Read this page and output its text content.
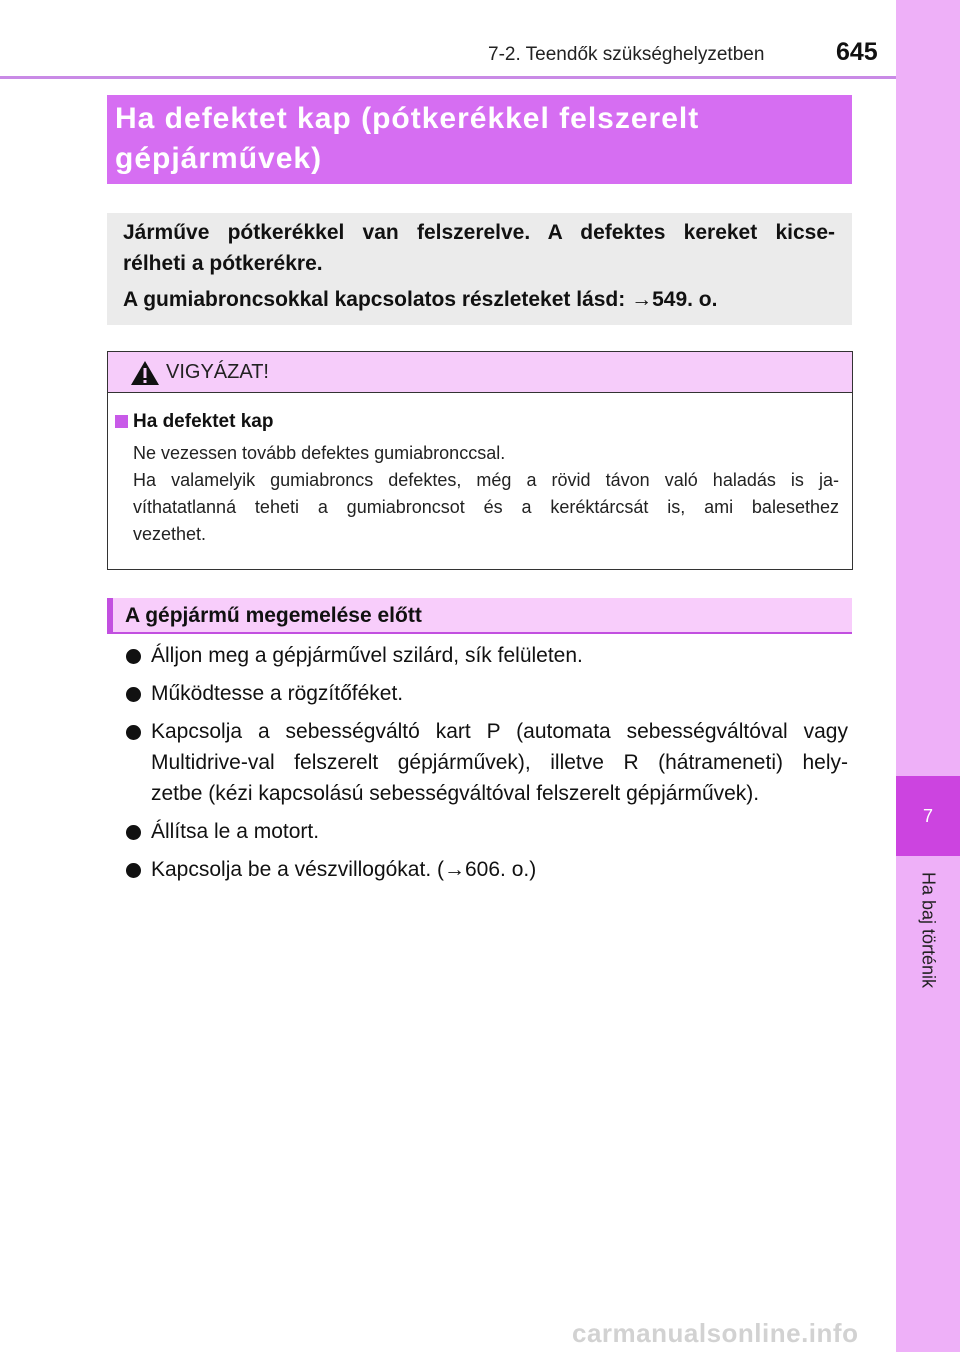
7-2. Teendők szükséghelyzetben	645
7
Ha baj történik
Ha defektet kap (pótkerékkel felszerelt gépjárművek)
Járműve pótkerékkel van felszerelve. A defektes kereket kicse-
rélheti a pótkerékre.
A gumiabroncsokkal kapcsolatos részleteket lásd: →549. o.
VIGYÁZAT!
Ha defektet kap
Ne vezessen tovább defektes gumiabronccsal.
Ha valamelyik gumiabroncs defektes, még a rövid távon való haladás is ja-
víthatatlanná teheti a gumiabroncsot és a keréktárcsát is, ami balesethez
vezethet.
A gépjármű megemelése előtt
Álljon meg a gépjárművel szilárd, sík felületen.
Működtesse a rögzítőféket.
Kapcsolja a sebességváltó kart P (automata sebességváltóval vagy
Multidrive-val felszerelt gépjárművek), illetve R (hátrameneti) hely-
zetbe (kézi kapcsolású sebességváltóval felszerelt gépjárművek).
Állítsa le a motort.
Kapcsolja be a vészvillogókat. (→606. o.)
carmanualsonline.info
